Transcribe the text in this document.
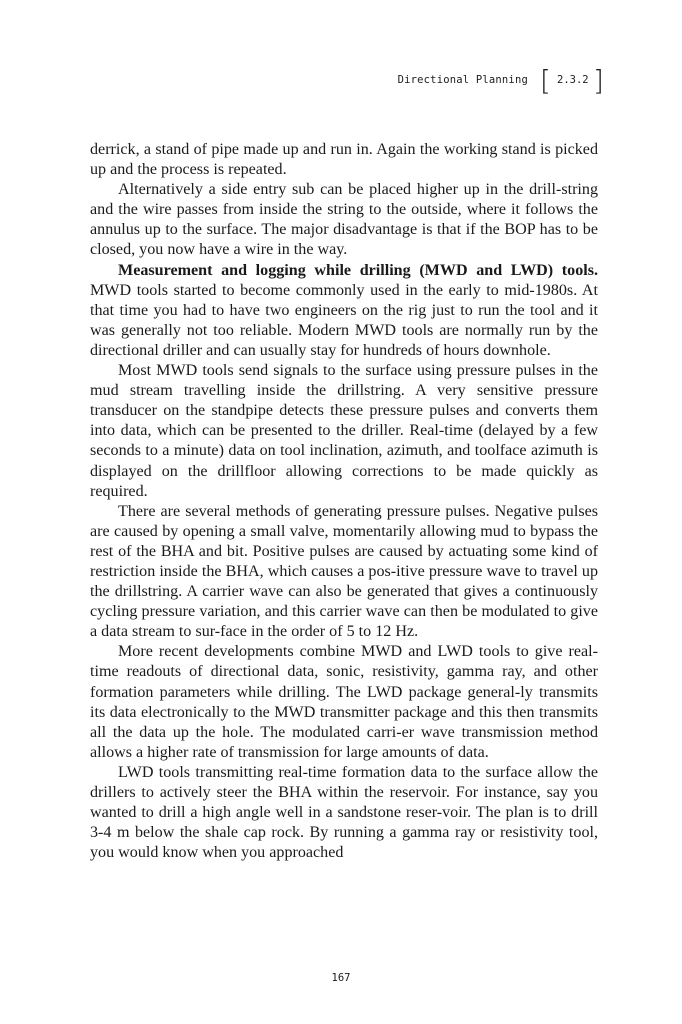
Directional Planning [ 2.3.2 ]

derrick, a stand of pipe made up and run in. Again the working stand is picked up and the process is repeated.

Alternatively a side entry sub can be placed higher up in the drill-string and the wire passes from inside the string to the outside, where it follows the annulus up to the surface. The major disadvantage is that if the BOP has to be closed, you now have a wire in the way.

Measurement and logging while drilling (MWD and LWD) tools. MWD tools started to become commonly used in the early to mid-1980s. At that time you had to have two engineers on the rig just to run the tool and it was generally not too reliable. Modern MWD tools are normally run by the directional driller and can usually stay for hundreds of hours downhole.

Most MWD tools send signals to the surface using pressure pulses in the mud stream travelling inside the drillstring. A very sensitive pressure transducer on the standpipe detects these pressure pulses and converts them into data, which can be presented to the driller. Real-time (delayed by a few seconds to a minute) data on tool inclination, azimuth, and toolface azimuth is displayed on the drillfloor allowing corrections to be made quickly as required.

There are several methods of generating pressure pulses. Negative pulses are caused by opening a small valve, momentarily allowing mud to bypass the rest of the BHA and bit. Positive pulses are caused by actuating some kind of restriction inside the BHA, which causes a pos-itive pressure wave to travel up the drillstring. A carrier wave can also be generated that gives a continuously cycling pressure variation, and this carrier wave can then be modulated to give a data stream to sur-face in the order of 5 to 12 Hz.

More recent developments combine MWD and LWD tools to give real-time readouts of directional data, sonic, resistivity, gamma ray, and other formation parameters while drilling. The LWD package general-ly transmits its data electronically to the MWD transmitter package and this then transmits all the data up the hole. The modulated carri-er wave transmission method allows a higher rate of transmission for large amounts of data.

LWD tools transmitting real-time formation data to the surface allow the drillers to actively steer the BHA within the reservoir. For instance, say you wanted to drill a high angle well in a sandstone reser-voir. The plan is to drill 3-4 m below the shale cap rock. By running a gamma ray or resistivity tool, you would know when you approached

167
